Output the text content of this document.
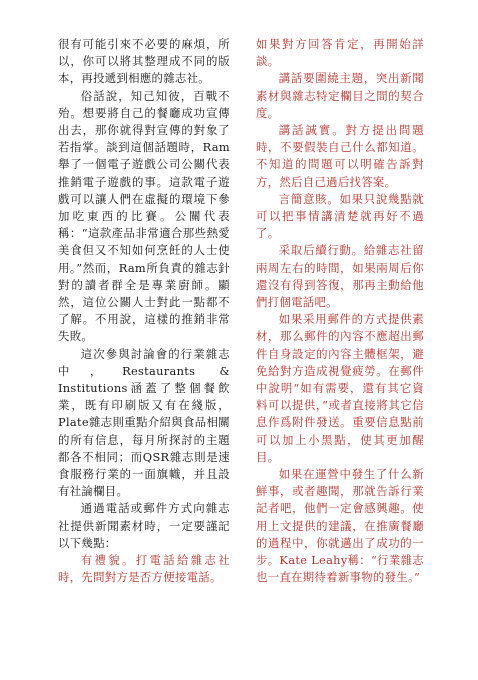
很有可能引來不必要的麻煩，所以，你可以將其整理成不同的版本，再投遞到相應的雜志社。

俗話說，知己知彼，百戰不殆。想要將自己的餐廳成功宣傳出去，那你就得對宣傳的對象了若指掌。談到這個話題時，Ram舉了一個電子遊戲公司公關代表推銷電子遊戲的事。這款電子遊戲可以讓人們在虛擬的環境下參加吃東西的比賽。公關代表稱：“這款產品非常適合那些熱愛美食但又不知如何烹飪的人士使用。”然而，Ram所負責的雜志針對的讀者群全是專業廚師。顯然，這位公關人士對此一點都不了解。不用說，這樣的推銷非常失敗。

這次參與討論會的行業雜志中，Restaurants & Institutions涵蓋了整個餐飲業，既有印刷版又有在綫版，Plate雜志則重點介紹與食品相關的所有信息，每月所探討的主題都各不相同；而QSR雜志則是速食服務行業的一面旗幟，并且設有社論欄目。

通過電話或郵件方式向雜志社提供新聞素材時，一定要謹記以下幾點：

有禮貌。打電話給雜志社時，先問對方是否方便接電話。

如果對方回答肯定，再開始詳談。

講話要圍繞主題，突出新聞素材與雜志特定欄目之間的契合度。

講話誠實。對方提出問題時，不要假裝自己什么都知道。不知道的問題可以明確告訴對方，然后自己過后找答案。

言簡意賅。如果只說幾點就可以把事情講清楚就再好不過了。

采取后續行動。給雜志社留兩周左右的時間，如果兩周后你還沒有得到答復，那再主動給他們打個電話吧。

如果采用郵件的方式提供素材，那么郵件的內容不應超出郵件自身設定的內容主體框架，避免給對方造成視覺疲勞。在郵件中說明“如有需要，還有其它資料可以提供，”或者直接將其它信息作爲附件發送。重要信息點前可以加上小黑點，使其更加醒目。

如果在運營中發生了什么新鮮事，或者趣聞，那就告訴行業記者吧，他們一定會感興趣。使用上文提供的建議，在推廣餐廳的過程中，你就邁出了成功的一步。Kate Leahy稱：“行業雜志也一直在期待着新事物的發生。”
